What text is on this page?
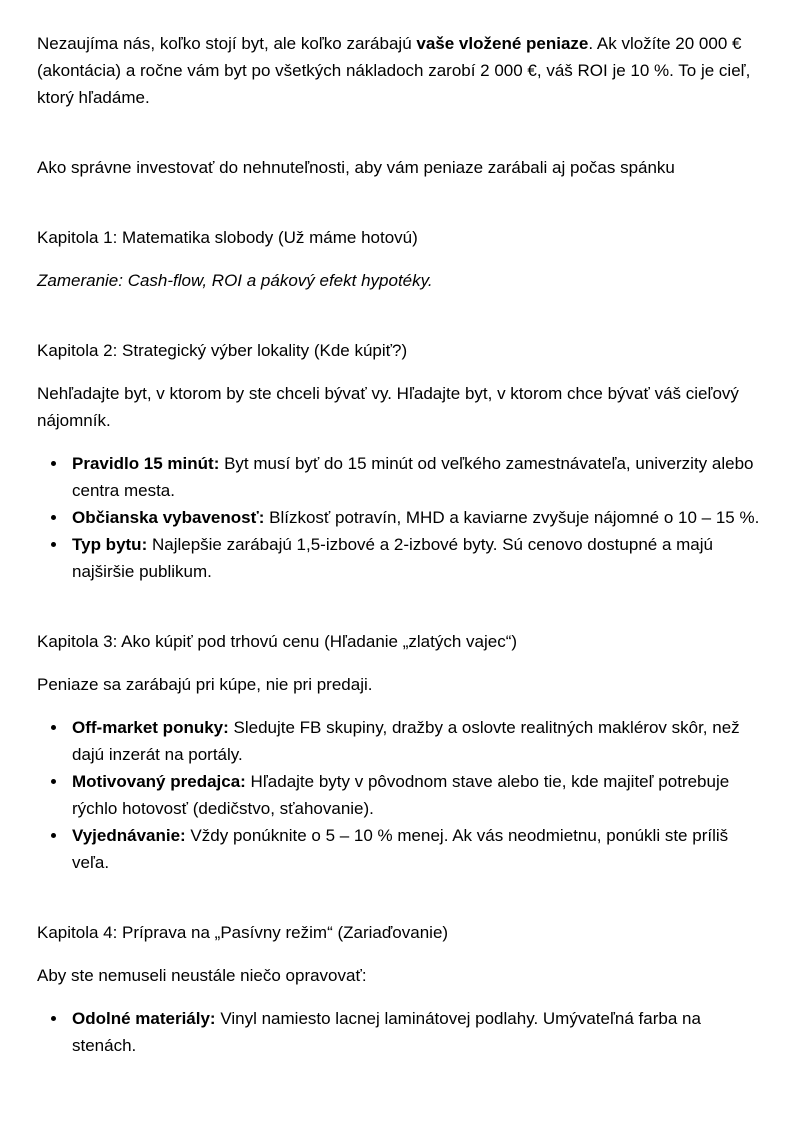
Nezaujíma nás, koľko stojí byt, ale koľko zarábajú vaše vložené peniaze. Ak vložíte 20 000 € (akontácia) a ročne vám byt po všetkých nákladoch zarobí 2 000 €, váš ROI je 10 %. To je cieľ, ktorý hľadáme.

Ako správne investovať do nehnuteľnosti, aby vám peniaze zarábali aj počas spánku

Kapitola 1: Matematika slobody (Už máme hotovú)

Zameranie: Cash-flow, ROI a pákový efekt hypotéky.

Kapitola 2: Strategický výber lokality (Kde kúpiť?)

Nehľadajte byt, v ktorom by ste chceli bývať vy. Hľadajte byt, v ktorom chce bývať váš cieľový nájomník.

• Pravidlo 15 minút: Byt musí byť do 15 minút od veľkého zamestnávateľa, univerzity alebo centra mesta.
• Občianska vybavenosť: Blízkosť potravín, MHD a kaviarne zvyšuje nájomné o 10 – 15 %.
• Typ bytu: Najlepšie zarábajú 1,5-izbové a 2-izbové byty. Sú cenovo dostupné a majú najširšie publikum.

Kapitola 3: Ako kúpiť pod trhovú cenu (Hľadanie „zlatých vajec“)

Peniaze sa zarábajú pri kúpe, nie pri predaji.

• Off-market ponuky: Sledujte FB skupiny, dražby a oslovte realitných maklérov skôr, než dajú inzerát na portály.
• Motivovaný predajca: Hľadajte byty v pôvodnom stave alebo tie, kde majiteľ potrebuje rýchlo hotovosť (dedičstvo, sťahovanie).
• Vyjednávanie: Vždy ponúknite o 5 – 10 % menej. Ak vás neodmietnu, ponúkli ste príliš veľa.

Kapitola 4: Príprava na „Pasívny režim“ (Zariaďovanie)

Aby ste nemuseli neustále niečo opravovať:

• Odolné materiály: Vinyl namiesto lacnej laminátovej podlahy. Umývateľná farba na stenách.
